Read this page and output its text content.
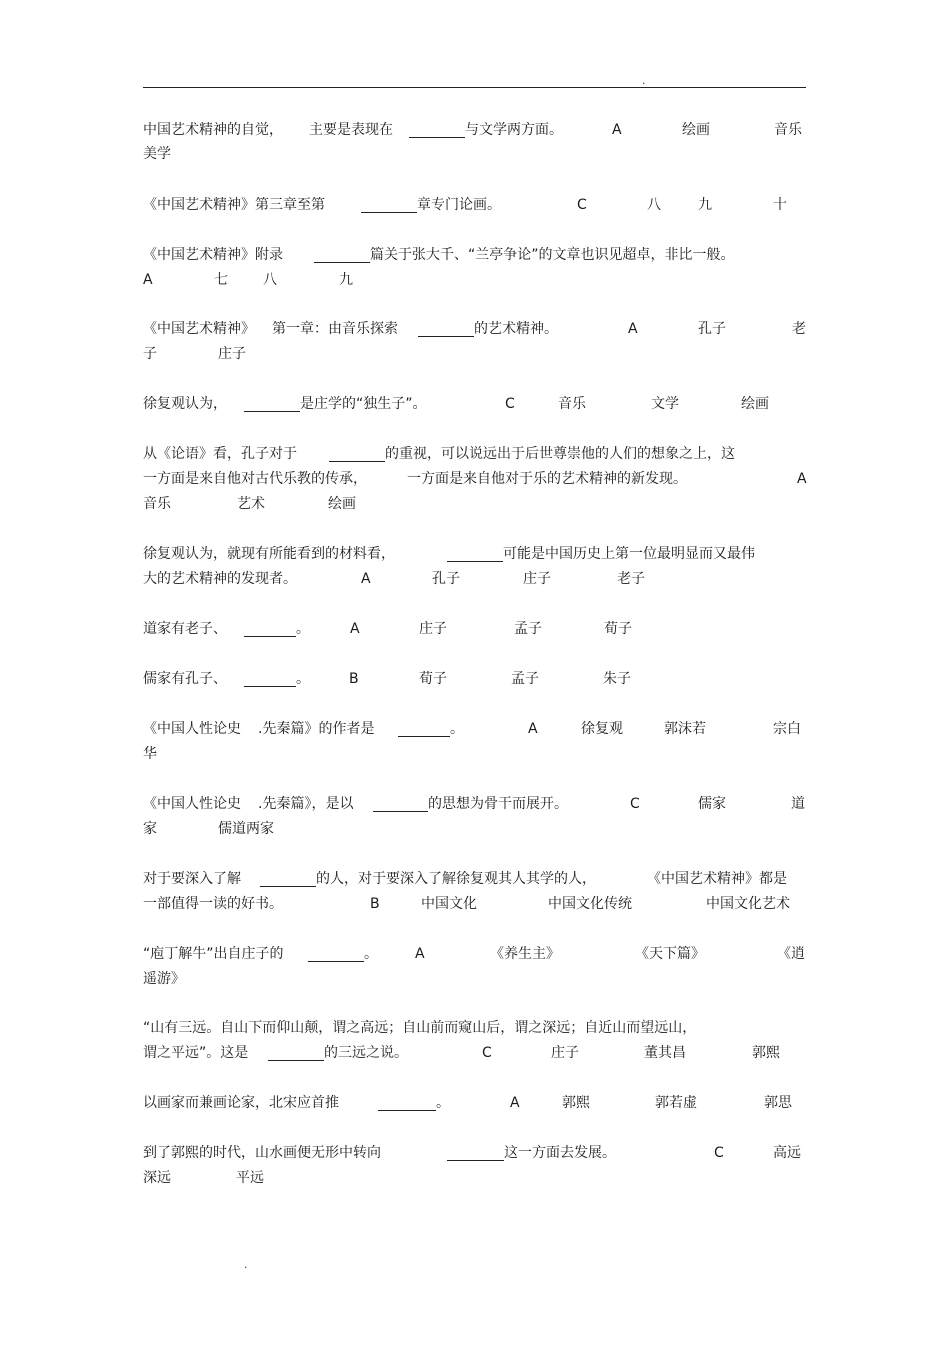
.
中国艺术精神的自觉， 主要是表现在	与文学两方面。	A	绘画	音乐
美学
《中国艺术精神》第三章至第	章专门论画。	C	八	九	十
《中国艺术精神》附录	篇关于张大千、“兰亭争论”的文章也识见超卓，非比一般。
A	七	八	九
《中国艺术精神》 第一章：由音乐探索	的艺术精神。	A	孔子	老
子	庄子
徐复观认为，	是庄学的“独生子”。	C	音乐	文学	绘画
从《论语》看，孔子对于	的重视，可以说远出于后世尊崇他的人们的想象之上，这
一方面是来自他对古代乐教的传承，	一方面是来自他对于乐的艺术精神的新发现。	A
音乐	艺术	绘画
徐复观认为，就现有所能看到的材料看，	可能是中国历史上第一位最明显而又最伟
大的艺术精神的发现者。	A	孔子	庄子	老子
道家有老子、	。	A	庄子	孟子	荀子
儒家有孔子、	。	B	荀子	孟子	朱子
《中国人性论史 .先秦篇》的作者是	。	A	徐复观	郭沫若	宗白
华
《中国人性论史 .先秦篇》，是以	的思想为骨干而展开。	C	儒家	道
家	儒道两家
对于要深入了解	的人，对于要深入了解徐复观其人其学的人，	《中国艺术精神》都是
一部值得一读的好书。	B	中国文化	中国文化传统	中国文化艺术
“庖丁解牛”出自庄子的	。	A	《养生主》	《天下篇》	《逍
遥游》
“山有三远。自山下而仰山颠，谓之高远；自山前而窥山后，谓之深远；自近山而望远山，
谓之平远”。这是	的三远之说。	C	庄子	董其昌	郭熙
以画家而兼画论家，北宋应首推	。	A	郭熙	郭若虚	郭思
到了郭熙的时代，山水画便无形中转向	这一方面去发展。	C	高远
深远	平远
.
